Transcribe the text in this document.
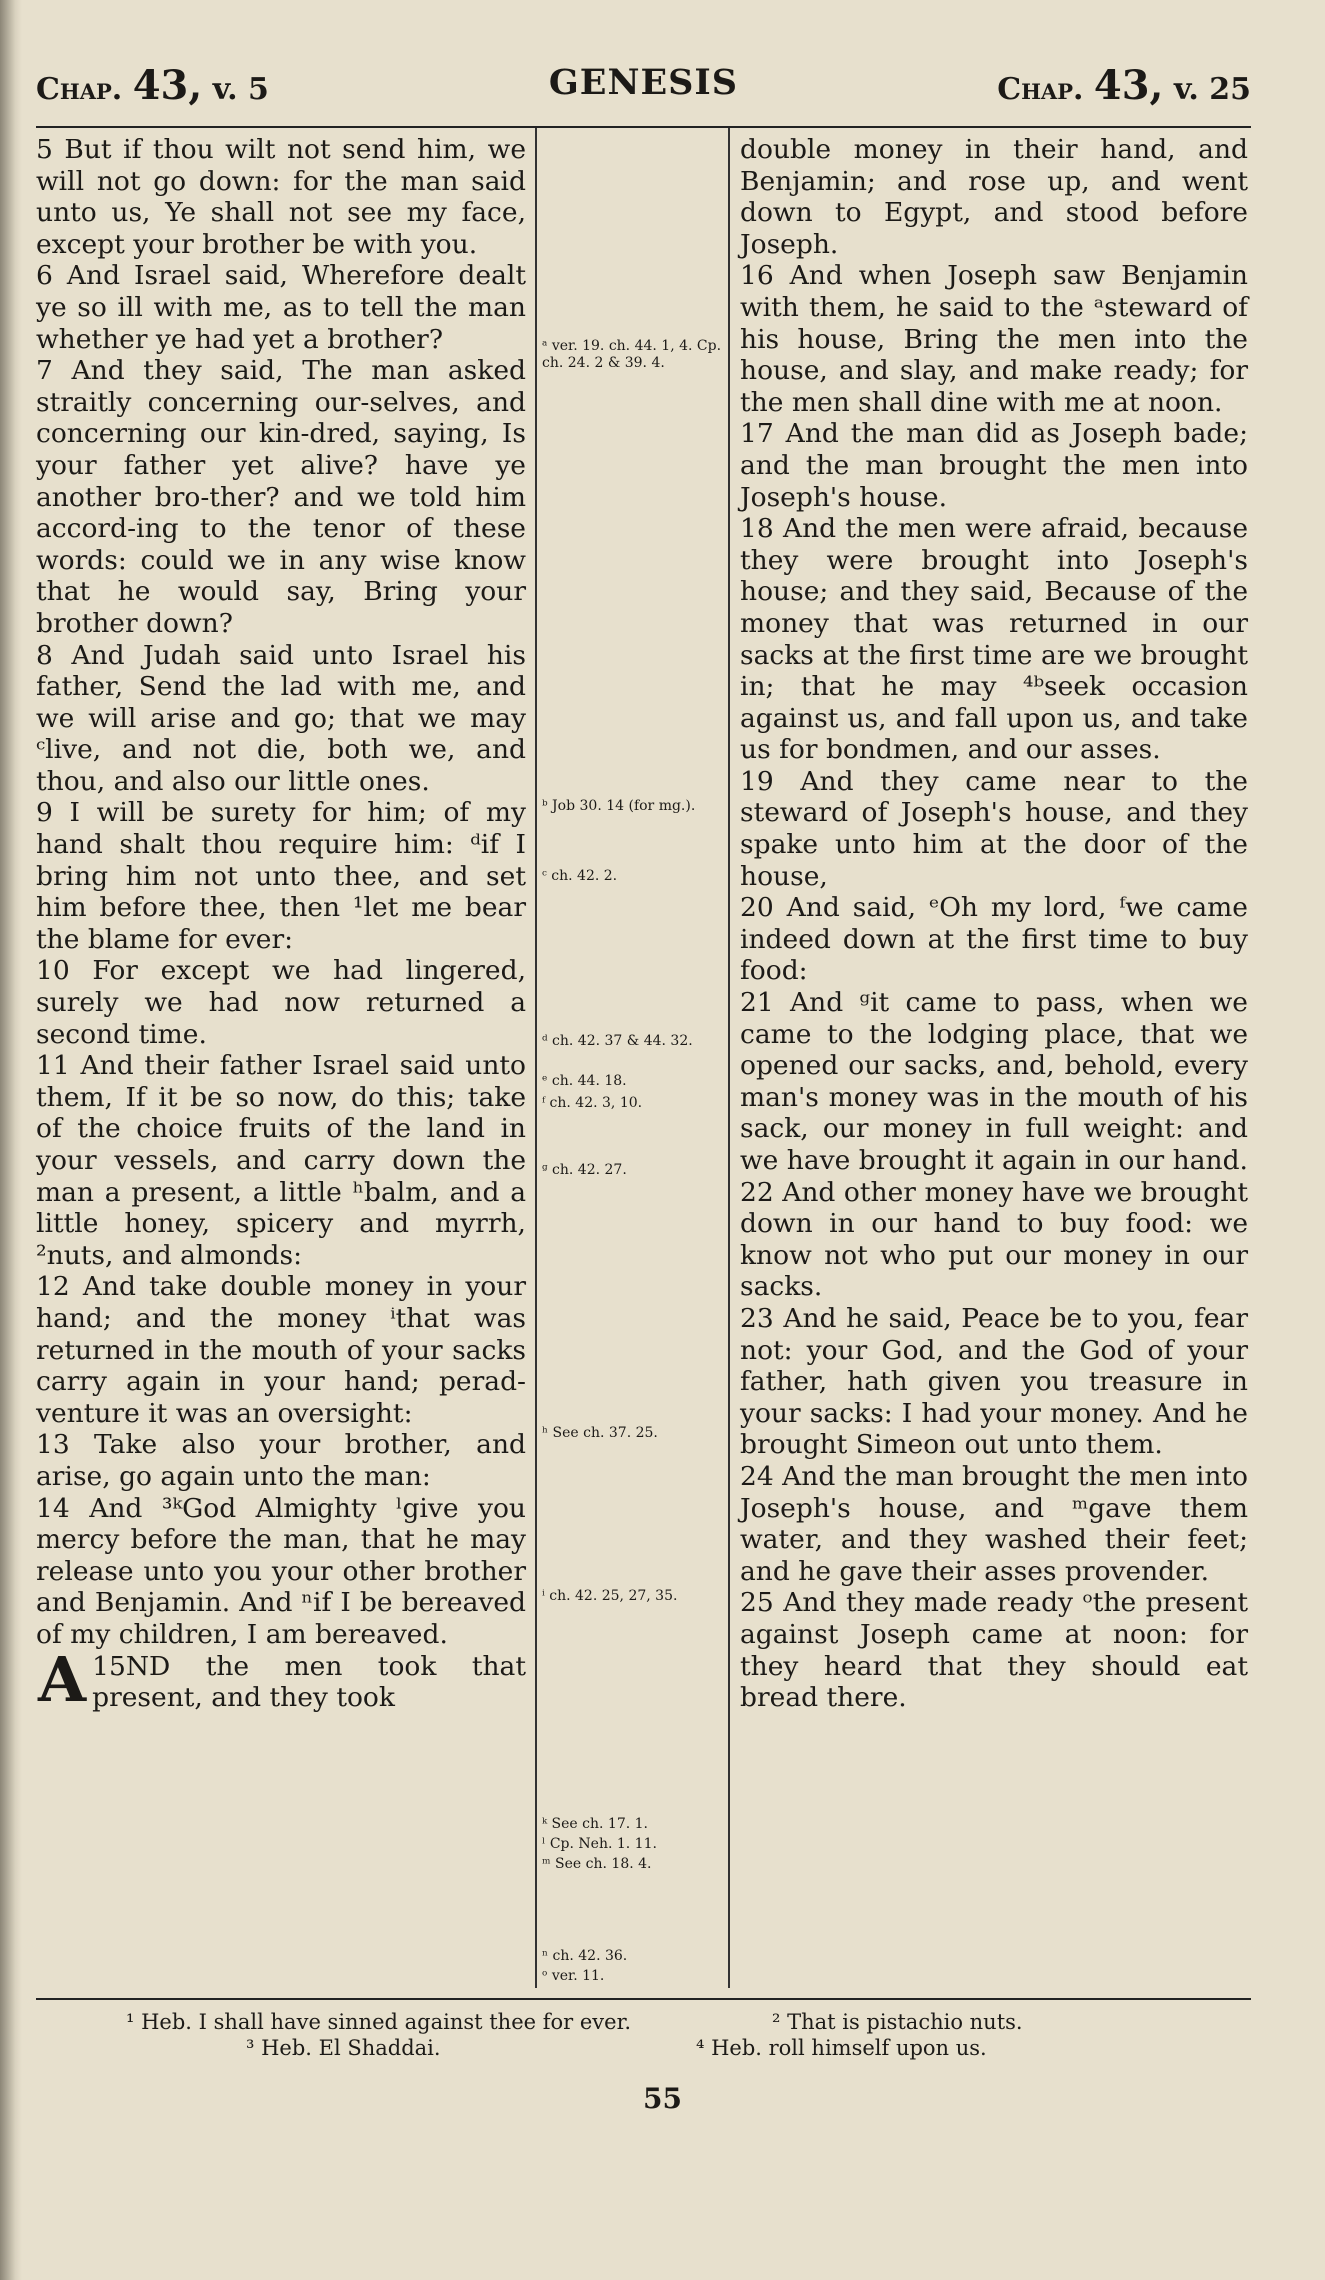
Chap. 43, v. 5	GENESIS	Chap. 43, v. 25

5 But if thou wilt not send him, we will not go down: for the man said unto us, Ye shall not see my face, except your brother be with you.

6 And Israel said, Wherefore dealt ye so ill with me, as to tell the man whether ye had yet a brother?

7 And they said, The man asked straitly concerning our-selves, and concerning our kin-dred, saying, Is your father yet alive? have ye another bro-ther? and we told him accord-ing to the tenor of these words: could we in any wise know that he would say, Bring your brother down?

8 And Judah said unto Israel his father, Send the lad with me, and we will arise and go; that we may ᶜlive, and not die, both we, and thou, and also our little ones.

9 I will be surety for him; of my hand shalt thou require him: ᵈif I bring him not unto thee, and set him before thee, then ¹let me bear the blame for ever:

10 For except we had lingered, surely we had now returned a second time.

11 And their father Israel said unto them, If it be so now, do this; take of the choice fruits of the land in your vessels, and carry down the man a present, a little ʰbalm, and a little honey, spicery and myrrh, ²nuts, and almonds:

12 And take double money in your hand; and the money ⁱthat was returned in the mouth of your sacks carry again in your hand; perad-venture it was an oversight:

13 Take also your brother, and arise, go again unto the man:

14 And ³ᵏGod Almighty ˡgive you mercy before the man, that he may release unto you your other brother and Benjamin. And ⁿif I be bereaved of my children, I am bereaved.

15
A ND the men took that present, and they took

ᵃ ver. 19. ch. 44. 1, 4. Cp. ch. 24. 2 & 39. 4.
ᵇ Job 30. 14 (for mg.).
ᶜ ch. 42. 2.
ᵈ ch. 42. 37 & 44. 32.
ᵉ ch. 44. 18.
ᶠ ch. 42. 3, 10.
ᵍ ch. 42. 27.
ʰ See ch. 37. 25.
ⁱ ch. 42. 25, 27, 35.
ᵏ See ch. 17. 1.
ˡ Cp. Neh. 1. 11.
ᵐ See ch. 18. 4.
ⁿ ch. 42. 36.
ᵒ ver. 11.

double money in their hand, and Benjamin; and rose up, and went down to Egypt, and stood before Joseph.

16 And when Joseph saw Benjamin with them, he said to the ᵃsteward of his house, Bring the men into the house, and slay, and make ready; for the men shall dine with me at noon.

17 And the man did as Joseph bade; and the man brought the men into Joseph's house.

18 And the men were afraid, because they were brought into Joseph's house; and they said, Because of the money that was returned in our sacks at the first time are we brought in; that he may ⁴ᵇseek occasion against us, and fall upon us, and take us for bondmen, and our asses.

19 And they came near to the steward of Joseph's house, and they spake unto him at the door of the house,

20 And said, ᵉOh my lord, ᶠwe came indeed down at the first time to buy food:

21 And ᵍit came to pass, when we came to the lodging place, that we opened our sacks, and, behold, every man's money was in the mouth of his sack, our money in full weight: and we have brought it again in our hand.

22 And other money have we brought down in our hand to buy food: we know not who put our money in our sacks.

23 And he said, Peace be to you, fear not: your God, and the God of your father, hath given you treasure in your sacks: I had your money. And he brought Simeon out unto them.

24 And the man brought the men into Joseph's house, and ᵐgave them water, and they washed their feet; and he gave their asses provender.

25 And they made ready ᵒthe present against Joseph came at noon: for they heard that they should eat bread there.

¹ Heb. I shall have sinned against thee for ever.	² That is pistachio nuts.
³ Heb. El Shaddai.	⁴ Heb. roll himself upon us.
55
